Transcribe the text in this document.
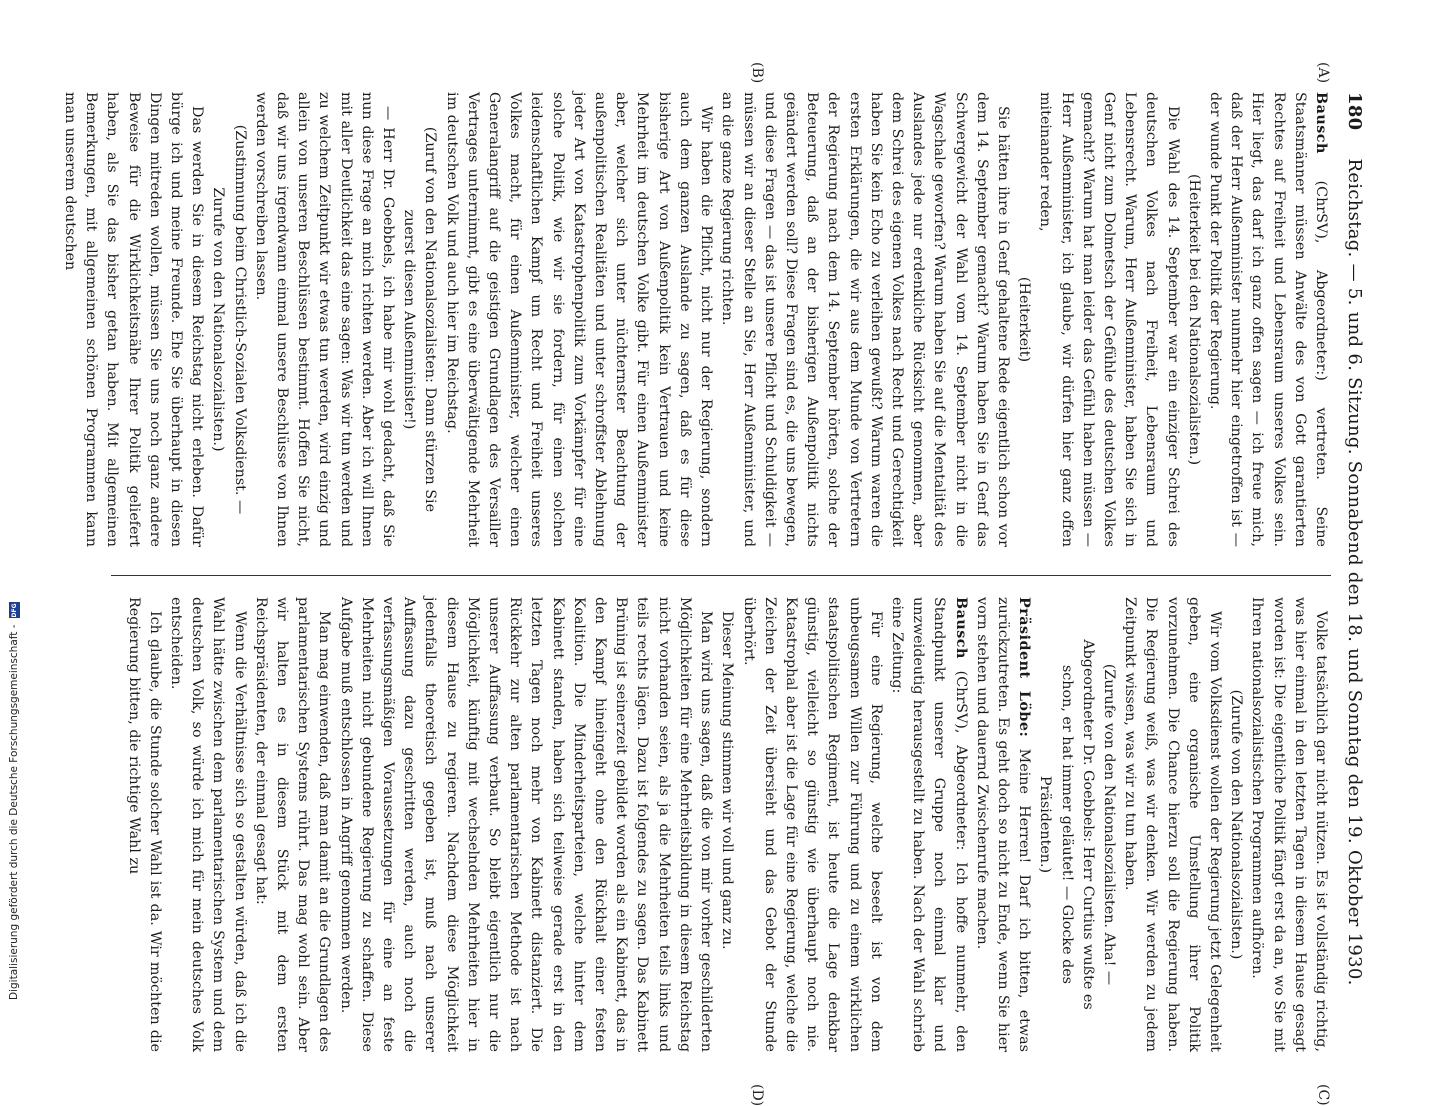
180
Reichstag. — 5. und 6. Sitzung. Sonnabend den 18. und Sonntag den 19. Oktober 1930.
(A)
(B)
(C)
(D)

Bausch (ChrSV), Abgeordneter:) vertreten. Seine Staatsmänner müssen Anwälte des von Gott garantierten Rechtes auf Freiheit und Lebensraum unseres Volkes sein. Hier liegt, das darf ich ganz offen sagen — ich freue mich, daß der Herr Außenminister nunmehr hier eingetroffen ist — der wunde Punkt der Politik der Regierung.

(Heiterkeit bei den Nationalsozialisten.)

Die Wahl des 14. September war ein einziger Schrei des deutschen Volkes nach Freiheit, Lebensraum und Lebensrecht. Warum, Herr Außenminister, haben Sie sich in Genf nicht zum Dolmetsch der Gefühle des deutschen Volkes gemacht? Warum hat man leider das Gefühl haben müssen — Herr Außenminister, ich glaube, wir dürfen hier ganz offen miteinander reden,

(Heiterkeit)

Sie hätten ihre in Genf gehaltene Rede eigentlich schon vor dem 14. September gemacht? Warum haben Sie in Genf das Schwergewicht der Wahl vom 14. September nicht in die Wagschale geworfen? Warum haben Sie auf die Mentalität des Auslandes jede nur erdenkliche Rücksicht genommen, aber dem Schrei des eigenen Volkes nach Recht und Gerechtigkeit haben Sie kein Echo zu verleihen gewußt? Warum waren die ersten Erklärungen, die wir aus dem Munde von Vertretern der Regierung nach dem 14. September hörten, solche der Beteuerung, daß an der bisherigen Außenpolitik nichts geändert werden soll? Diese Fragen sind es, die uns bewegen, und diese Fragen — das ist unsere Pflicht und Schuldigkeit — müssen wir an dieser Stelle an Sie, Herr Außenminister, und an die ganze Regierung richten.

Wir haben die Pflicht, nicht nur der Regierung, sondern auch dem ganzen Auslande zu sagen, daß es für diese bisherige Art von Außenpolitik kein Vertrauen und keine Mehrheit im deutschen Volke gibt. Für einen Außenminister aber, welcher sich unter nüchternster Beachtung der außenpolitischen Realitäten und unter schroffster Ablehnung jeder Art von Katastrophenpolitik zum Vorkämpfer für eine solche Politik, wie wir sie fordern, für einen solchen leidenschaftlichen Kampf um Recht und Freiheit unseres Volkes macht, für einen Außenminister, welcher einen Generalangriff auf die geistigen Grundlagen des Versailler Vertrages unternimmt, gibt es eine überwältigende Mehrheit im deutschen Volk und auch hier im Reichstag.

(Zuruf von den Nationalsozialisten: Dann stürzen Sie zuerst diesen Außenminister!)

— Herr Dr. Goebbels, ich habe mir wohl gedacht, daß Sie nun diese Frage an mich richten werden. Aber ich will Ihnen mit aller Deutlichkeit das eine sagen: Was wir tun werden und zu welchem Zeitpunkt wir etwas tun werden, wird einzig und allein von unseren Beschlüssen bestimmt. Hoffen Sie nicht, daß wir uns irgendwann einmal unsere Beschlüsse von Ihnen werden vorschreiben lassen.

(Zustimmung beim Christlich-Sozialen Volksdienst. — Zurufe von den Nationalsozialisten.)

Das werden Sie in diesem Reichstag nicht erleben. Dafür bürge ich und meine Freunde. Ehe Sie überhaupt in diesen Dingen mitreden wollen, müssen Sie uns noch ganz andere Beweise für die Wirklichkeitsnähe Ihrer Politik geliefert haben, als Sie das bisher getan haben. Mit allgemeinen Bemerkungen, mit allgemeinen schönen Programmen kann man unserem deutschen

Volke tatsächlich gar nicht nützen. Es ist vollständig richtig, was hier einmal in den letzten Tagen in diesem Hause gesagt worden ist: Die eigentliche Politik fängt erst da an, wo Sie mit Ihren nationalsozialistischen Programmen aufhören.

(Zurufe von den Nationalsozialisten.)

Wir vom Volksdienst wollen der Regierung jetzt Gelegenheit geben, eine organische Umstellung ihrer Politik vorzunehmen. Die Chance hierzu soll die Regierung haben. Die Regierung weiß, was wir denken. Wir werden zu jedem Zeitpunkt wissen, was wir zu tun haben.

(Zurufe von den Nationalsozialisten. Aha! — Abgeordneter Dr. Goebbels: Herr Curtius wußte es schon, er hat immer geläutet! — Glocke des Präsidenten.)

Präsident Löbe: Meine Herren! Darf ich bitten, etwas zurückzutreten. Es geht doch so nicht zu Ende, wenn Sie hier vorn stehen und dauernd Zwischenrufe machen.

Bausch (ChrSV), Abgeordneter: Ich hoffe nunmehr, den Standpunkt unserer Gruppe noch einmal klar und unzweideutig herausgestellt zu haben. Nach der Wahl schrieb eine Zeitung:

Für eine Regierung, welche beseelt ist von dem unbeugsamen Willen zur Führung und zu einem wirklichen staatspolitischen Regiment, ist heute die Lage denkbar günstig, vielleicht so günstig wie überhaupt noch nie. Katastrophal aber ist die Lage für eine Regierung, welche die Zeichen der Zeit übersieht und das Gebot der Stunde überhört.

Dieser Meinung stimmen wir voll und ganz zu.

Man wird uns sagen, daß die von mir vorher geschilderten Möglichkeiten für eine Mehrheitsbildung in diesem Reichstag nicht vorhanden seien, als ja die Mehrheiten teils links und teils rechts lägen. Dazu ist folgendes zu sagen. Das Kabinett Brüning ist seinerzeit gebildet worden als ein Kabinett, das in den Kampf hineingeht ohne den Rückhalt einer festen Koalition. Die Minderheitsparteien, welche hinter dem Kabinett standen, haben sich teilweise gerade erst in den letzten Tagen noch mehr von Kabinett distanziert. Die Rückkehr zur alten parlamentarischen Methode ist nach unserer Auffassung verbaut. So bleibt eigentlich nur die Möglichkeit, künftig mit wechselnden Mehrheiten hier in diesem Hause zu regieren. Nachdem diese Möglichkeit jedenfalls theoretisch gegeben ist, muß nach unserer Auffassung dazu geschritten werden, auch noch die verfassungsmäßigen Voraussetzungen für eine an feste Mehrheiten nicht gebundene Regierung zu schaffen. Diese Aufgabe muß entschlossen in Angriff genommen werden.

Man mag einwenden, daß man damit an die Grundlagen des parlamentarischen Systems rührt. Das mag wohl sein. Aber wir halten es in diesem Stück mit dem ersten Reichspräsidenten, der einmal gesagt hat:

Wenn die Verhältnisse sich so gestalten würden, daß ich die Wahl hätte zwischen dem parlamentarischen System und dem deutschen Volk, so würde ich mich für mein deutsches Volk entscheiden.

Ich glaube, die Stunde solcher Wahl ist da. Wir möchten die Regierung bitten, die richtige Wahl zu

Digitalisierung gefördert durch die Deutsche Forschungsgemeinschaft -
DFG
